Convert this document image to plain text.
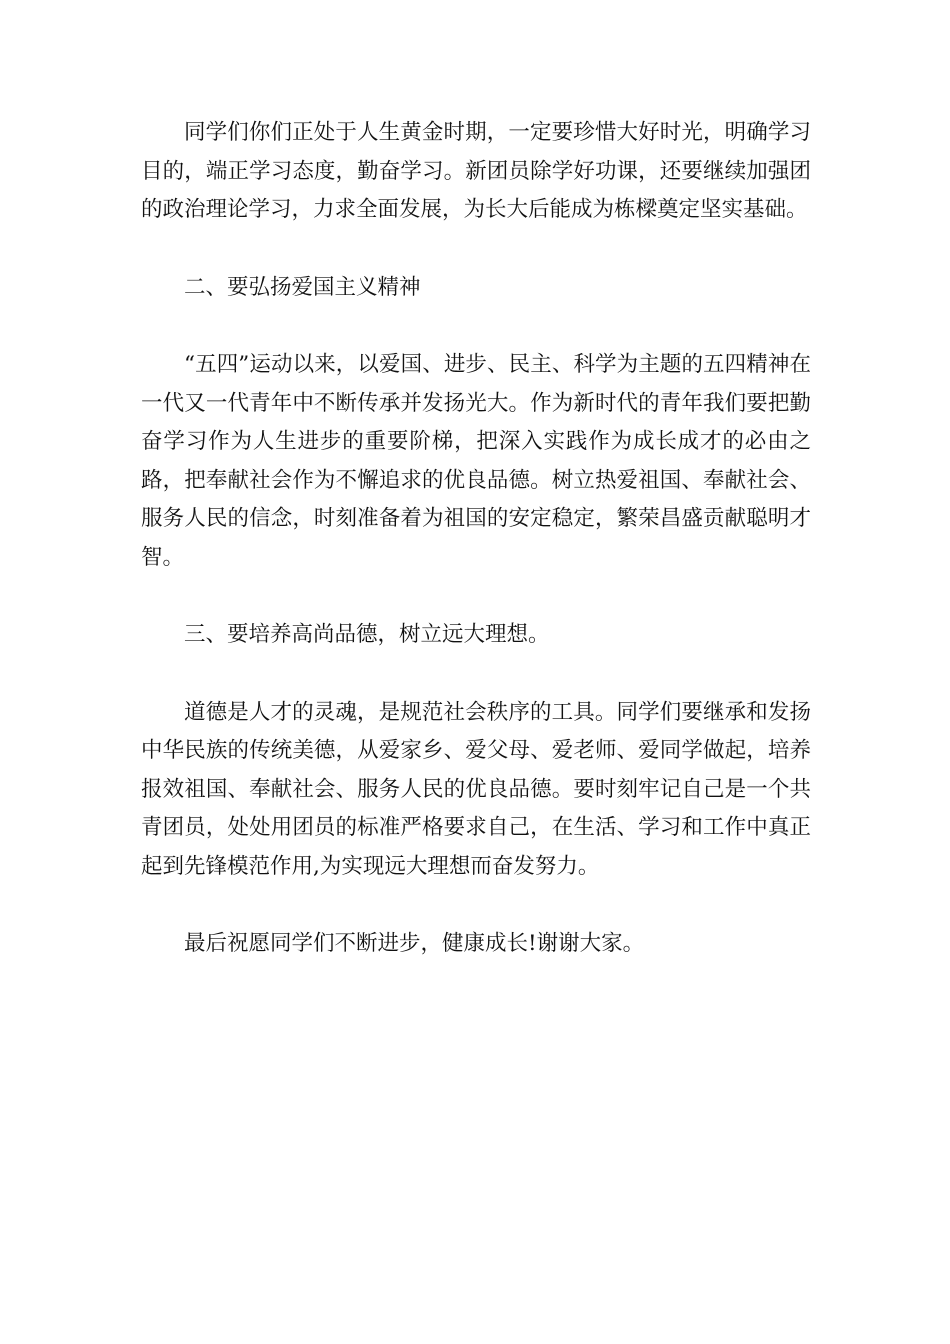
同学们你们正处于人生黄金时期，一定要珍惜大好时光，明确学习目的，端正学习态度，勤奋学习。新团员除学好功课，还要继续加强团的政治理论学习，力求全面发展，为长大后能成为栋樑奠定坚实基础。

二、要弘扬爱国主义精神

“五四”运动以来，以爱国、进步、民主、科学为主题的五四精神在一代又一代青年中不断传承并发扬光大。作为新时代的青年我们要把勤奋学习作为人生进步的重要阶梯，把深入实践作为成长成才的必由之路，把奉献社会作为不懈追求的优良品德。树立热爱祖国、奉献社会、服务人民的信念，时刻准备着为祖国的安定稳定，繁荣昌盛贡献聪明才智。

三、要培养高尚品德，树立远大理想。

道德是人才的灵魂，是规范社会秩序的工具。同学们要继承和发扬中华民族的传统美德，从爱家乡、爱父母、爱老师、爱同学做起，培养报效祖国、奉献社会、服务人民的优良品德。要时刻牢记自己是一个共青团员，处处用团员的标准严格要求自己，在生活、学习和工作中真正起到先锋模范作用,为实现远大理想而奋发努力。

最后祝愿同学们不断进步，健康成长!谢谢大家。
